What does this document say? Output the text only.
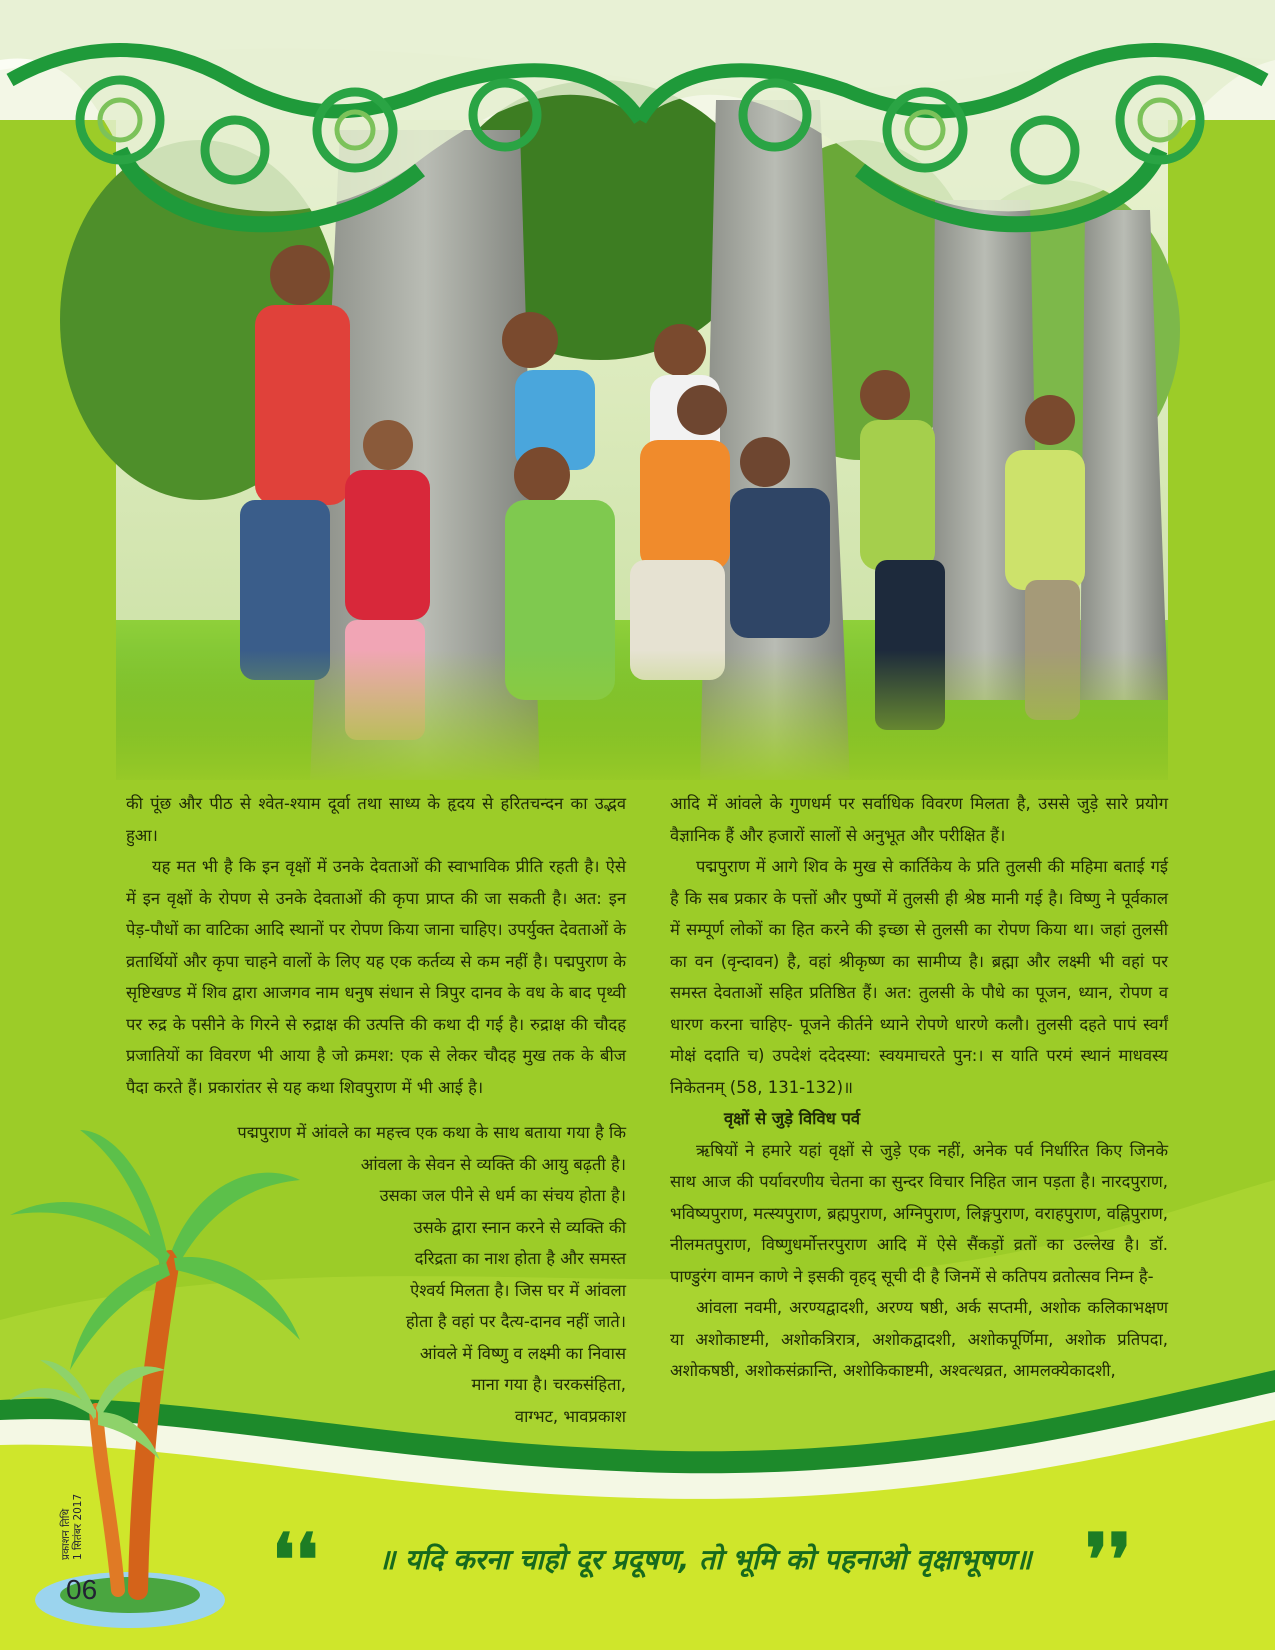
की पूंछ और पीठ से श्वेत-श्याम दूर्वा तथा साध्य के हृदय से हरितचन्दन का उद्भव हुआ।

यह मत भी है कि इन वृक्षों में उनके देवताओं की स्वाभाविक प्रीति रहती है। ऐसे में इन वृक्षों के रोपण से उनके देवताओं की कृपा प्राप्त की जा सकती है। अत: इन पेड़-पौधों का वाटिका आदि स्थानों पर रोपण किया जाना चाहिए। उपर्युक्त देवताओं के व्रतार्थियों और कृपा चाहने वालों के लिए यह एक कर्तव्य से कम नहीं है। पद्मपुराण के सृष्टिखण्ड में शिव द्वारा आजगव नाम धनुष संधान से त्रिपुर दानव के वध के बाद पृथ्वी पर रुद्र के पसीने के गिरने से रुद्राक्ष की उत्पत्ति की कथा दी गई है। रुद्राक्ष की चौदह प्रजातियों का विवरण भी आया है जो क्रमश: एक से लेकर चौदह मुख तक के बीज पैदा करते हैं। प्रकारांतर से यह कथा शिवपुराण में भी आई है।

पद्मपुराण में आंवले का महत्त्व एक कथा के साथ बताया गया है कि
आंवला के सेवन से व्यक्ति की आयु बढ़ती है।
उसका जल पीने से धर्म का संचय होता है।
उसके द्वारा स्नान करने से व्यक्ति की
दरिद्रता का नाश होता है और समस्त
ऐश्वर्य मिलता है। जिस घर में आंवला
होता है वहां पर दैत्य-दानव नहीं जाते।
आंवले में विष्णु व लक्ष्मी का निवास
माना गया है। चरकसंहिता,
वाग्भट, भावप्रकाश

आदि में आंवले के गुणधर्म पर सर्वाधिक विवरण मिलता है, उससे जुड़े सारे प्रयोग वैज्ञानिक हैं और हजारों सालों से अनुभूत और परीक्षित हैं।

पद्मपुराण में आगे शिव के मुख से कार्तिकेय के प्रति तुलसी की महिमा बताई गई है कि सब प्रकार के पत्तों और पुष्पों में तुलसी ही श्रेष्ठ मानी गई है। विष्णु ने पूर्वकाल में सम्पूर्ण लोकों का हित करने की इच्छा से तुलसी का रोपण किया था। जहां तुलसी का वन (वृन्दावन) है, वहां श्रीकृष्ण का सामीप्य है। ब्रह्मा और लक्ष्मी भी वहां पर समस्त देवताओं सहित प्रतिष्ठित हैं। अत: तुलसी के पौधे का पूजन, ध्यान, रोपण व धारण करना चाहिए- पूजने कीर्तने ध्याने रोपणे धारणे कलौ। तुलसी दहते पापं स्वर्गं मोक्षं ददाति च) उपदेशं ददेदस्या: स्वयमाचरते पुन:। स याति परमं स्थानं माधवस्य निकेतनम् (58, 131-132)॥

वृक्षों से जुड़े विविध पर्व

ऋषियों ने हमारे यहां वृक्षों से जुड़े एक नहीं, अनेक पर्व निर्धारित किए जिनके साथ आज की पर्यावरणीय चेतना का सुन्दर विचार निहित जान पड़ता है। नारदपुराण, भविष्यपुराण, मत्स्यपुराण, ब्रह्मपुराण, अग्निपुराण, लिङ्गपुराण, वराहपुराण, वह्निपुराण, नीलमतपुराण, विष्णुधर्मोत्तरपुराण आदि में ऐसे सैंकड़ों व्रतों का उल्लेख है। डॉ. पाण्डुरंग वामन काणे ने इसकी वृहद् सूची दी है जिनमें से कतिपय व्रतोत्सव निम्न है-

आंवला नवमी, अरण्यद्वादशी, अरण्य षष्ठी, अर्क सप्तमी, अशोक कलिकाभक्षण या अशोकाष्टमी, अशोकत्रिरात्र, अशोकद्वादशी, अशोकपूर्णिमा, अशोक प्रतिपदा, अशोकषष्ठी, अशोकसंक्रान्ति, अशोकिकाष्टमी, अश्वत्थव्रत, आमलक्येकादशी,

❛❛	॥ यदि करना चाहो दूर प्रदूषण, तो भूमि को पहनाओ वृक्षाभूषण॥ ❜❜
प्रकाशन तिथि 1 सितंबर 2017
06
